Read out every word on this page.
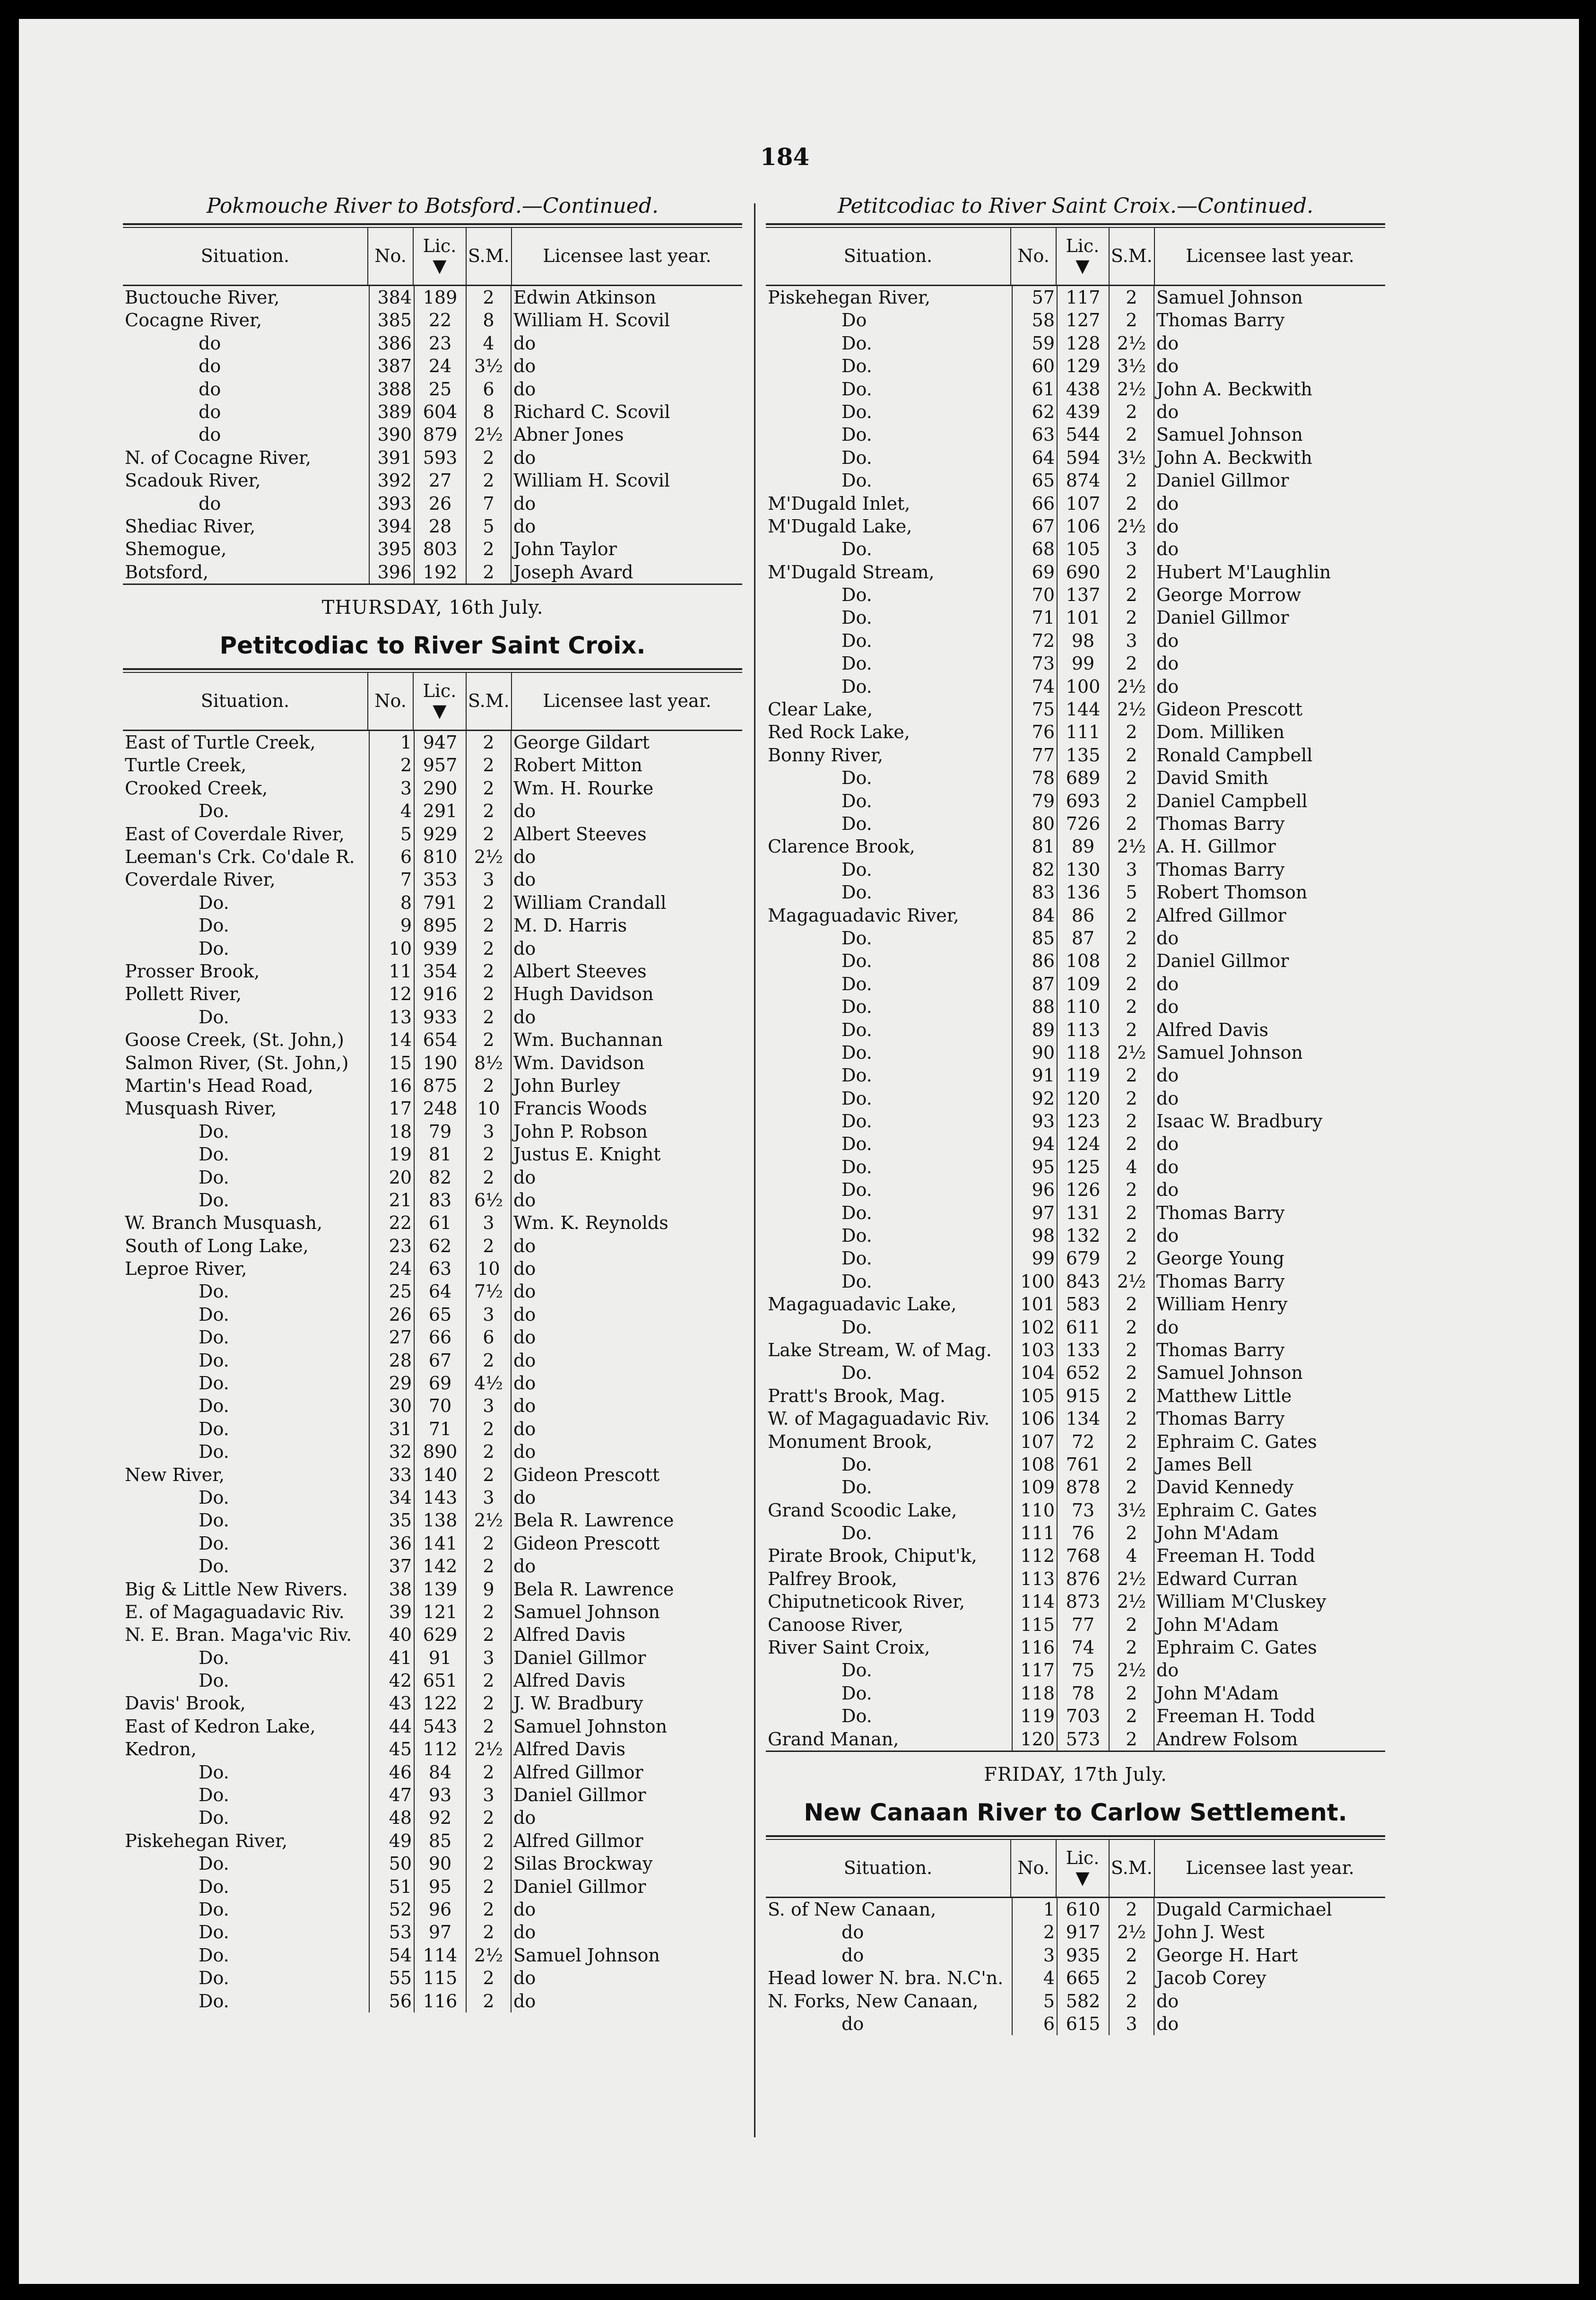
184
Pokmouche River to Botsford.—Continued.
Situation.	No. Lic.
▼	S.M.	Licensee last year.
Buctouche River,	384 189	2	Edwin Atkinson
Cocagne River,	385 22	8	William H. Scovil
do	386 23	4	do
do	387 24	3½ do
do	388 25	6	do
do	389 604	8	Richard C. Scovil
do	390 879 2½ Abner Jones
N. of Cocagne River,	391 593	2	do
Scadouk River,	392 27	2	William H. Scovil
do	393 26	7	do
Shediac River,	394 28	5	do
Shemogue,	395 803	2	John Taylor
Botsford,	396 192	2	Joseph Avard
THURSDAY, 16th July.
Petitcodiac to River Saint Croix.
Situation.	No. Lic.
▼	S.M.	Licensee last year.
East of Turtle Creek,	1 947	2	George Gildart
Turtle Creek,	2 957	2	Robert Mitton
Crooked Creek,	3 290	2	Wm. H. Rourke
Do.	4 291	2	do
East of Coverdale River,	5 929	2	Albert Steeves
Leeman's Crk. Co'dale R.	6 810 2½ do
Coverdale River,	7 353	3	do
Do.	8 791	2	William Crandall
Do.	9 895	2	M. D. Harris
Do.	10 939	2	do
Prosser Brook,	11 354	2	Albert Steeves
Pollett River,	12 916	2	Hugh Davidson
Do.	13 933	2	do
Goose Creek, (St. John,)	14 654	2	Wm. Buchannan
Salmon River, (St. John,)	15 190 8½ Wm. Davidson
Martin's Head Road,	16 875	2	John Burley
Musquash River,	17 248	10 Francis Woods
Do.	18 79	3	John P. Robson
Do.	19 81	2	Justus E. Knight
Do.	20 82	2	do
Do.	21 83	6½ do
W. Branch Musquash,	22 61	3	Wm. K. Reynolds
South of Long Lake,	23 62	2	do
Leproe River,	24 63	10 do
Do.	25 64	7½ do
Do.	26 65	3	do
Do.	27 66	6	do
Do.	28 67	2	do
Do.	29 69	4½ do
Do.	30 70	3	do
Do.	31 71	2	do
Do.	32 890	2	do
New River,	33 140	2	Gideon Prescott
Do.	34 143	3	do
Do.	35 138 2½ Bela R. Lawrence
Do.	36 141	2	Gideon Prescott
Do.	37 142	2	do
Big & Little New Rivers.	38 139	9	Bela R. Lawrence
E. of Magaguadavic Riv.	39 121	2	Samuel Johnson
N. E. Bran. Maga'vic Riv.	40 629	2	Alfred Davis
Do.	41 91	3	Daniel Gillmor
Do.	42 651	2	Alfred Davis
Davis' Brook,	43 122	2	J. W. Bradbury
East of Kedron Lake,	44 543	2	Samuel Johnston
Kedron,	45 112 2½ Alfred Davis
Do.	46 84	2	Alfred Gillmor
Do.	47 93	3	Daniel Gillmor
Do.	48 92	2	do
Piskehegan River,	49 85	2	Alfred Gillmor
Do.	50 90	2	Silas Brockway
Do.	51 95	2	Daniel Gillmor
Do.	52 96	2	do
Do.	53 97	2	do
Do.	54 114 2½ Samuel Johnson
Do.	55 115	2	do
Do.	56 116	2	do
Petitcodiac to River Saint Croix.—Continued.
Situation.	No. Lic.
▼	S.M.	Licensee last year.
Piskehegan River,	57 117	2	Samuel Johnson
Do	58 127	2	Thomas Barry
Do.	59 128 2½ do
Do.	60 129 3½ do
Do.	61 438 2½ John A. Beckwith
Do.	62 439	2	do
Do.	63 544	2	Samuel Johnson
Do.	64 594 3½ John A. Beckwith
Do.	65 874	2	Daniel Gillmor
M'Dugald Inlet,	66 107	2	do
M'Dugald Lake,	67 106 2½ do
Do.	68 105	3	do
M'Dugald Stream,	69 690	2	Hubert M'Laughlin
Do.	70 137	2	George Morrow
Do.	71 101	2	Daniel Gillmor
Do.	72 98	3	do
Do.	73 99	2	do
Do.	74 100 2½ do
Clear Lake,	75 144 2½ Gideon Prescott
Red Rock Lake,	76 111	2	Dom. Milliken
Bonny River,	77 135	2	Ronald Campbell
Do.	78 689	2	David Smith
Do.	79 693	2	Daniel Campbell
Do.	80 726	2	Thomas Barry
Clarence Brook,	81 89	2½ A. H. Gillmor
Do.	82 130	3	Thomas Barry
Do.	83 136	5	Robert Thomson
Magaguadavic River,	84 86	2	Alfred Gillmor
Do.	85 87	2	do
Do.	86 108	2	Daniel Gillmor
Do.	87 109	2	do
Do.	88 110	2	do
Do.	89 113	2	Alfred Davis
Do.	90 118 2½ Samuel Johnson
Do.	91 119	2	do
Do.	92 120	2	do
Do.	93 123	2	Isaac W. Bradbury
Do.	94 124	2	do
Do.	95 125	4	do
Do.	96 126	2	do
Do.	97 131	2	Thomas Barry
Do.	98 132	2	do
Do.	99 679	2	George Young
Do.	100 843 2½ Thomas Barry
Magaguadavic Lake,	101 583	2	William Henry
Do.	102 611	2	do
Lake Stream, W. of Mag.	103 133	2	Thomas Barry
Do.	104 652	2	Samuel Johnson
Pratt's Brook, Mag.	105 915	2	Matthew Little
W. of Magaguadavic Riv.	106 134	2	Thomas Barry
Monument Brook,	107 72	2	Ephraim C. Gates
Do.	108 761	2	James Bell
Do.	109 878	2	David Kennedy
Grand Scoodic Lake,	110 73	3½ Ephraim C. Gates
Do.	111 76	2	John M'Adam
Pirate Brook, Chiput'k,	112 768	4	Freeman H. Todd
Palfrey Brook,	113 876 2½ Edward Curran
Chiputneticook River,	114 873 2½ William M'Cluskey
Canoose River,	115 77	2	John M'Adam
River Saint Croix,	116 74	2	Ephraim C. Gates
Do.	117 75	2½ do
Do.	118 78	2	John M'Adam
Do.	119 703	2	Freeman H. Todd
Grand Manan,	120 573	2	Andrew Folsom
FRIDAY, 17th July.
New Canaan River to Carlow Settlement.
Situation.	No. Lic.
▼	S.M.	Licensee last year.
S. of New Canaan,	1 610	2	Dugald Carmichael
do	2 917 2½ John J. West
do	3 935	2	George H. Hart
Head lower N. bra. N.C'n.	4 665	2	Jacob Corey
N. Forks, New Canaan,	5 582	2	do
do	6 615	3	do
